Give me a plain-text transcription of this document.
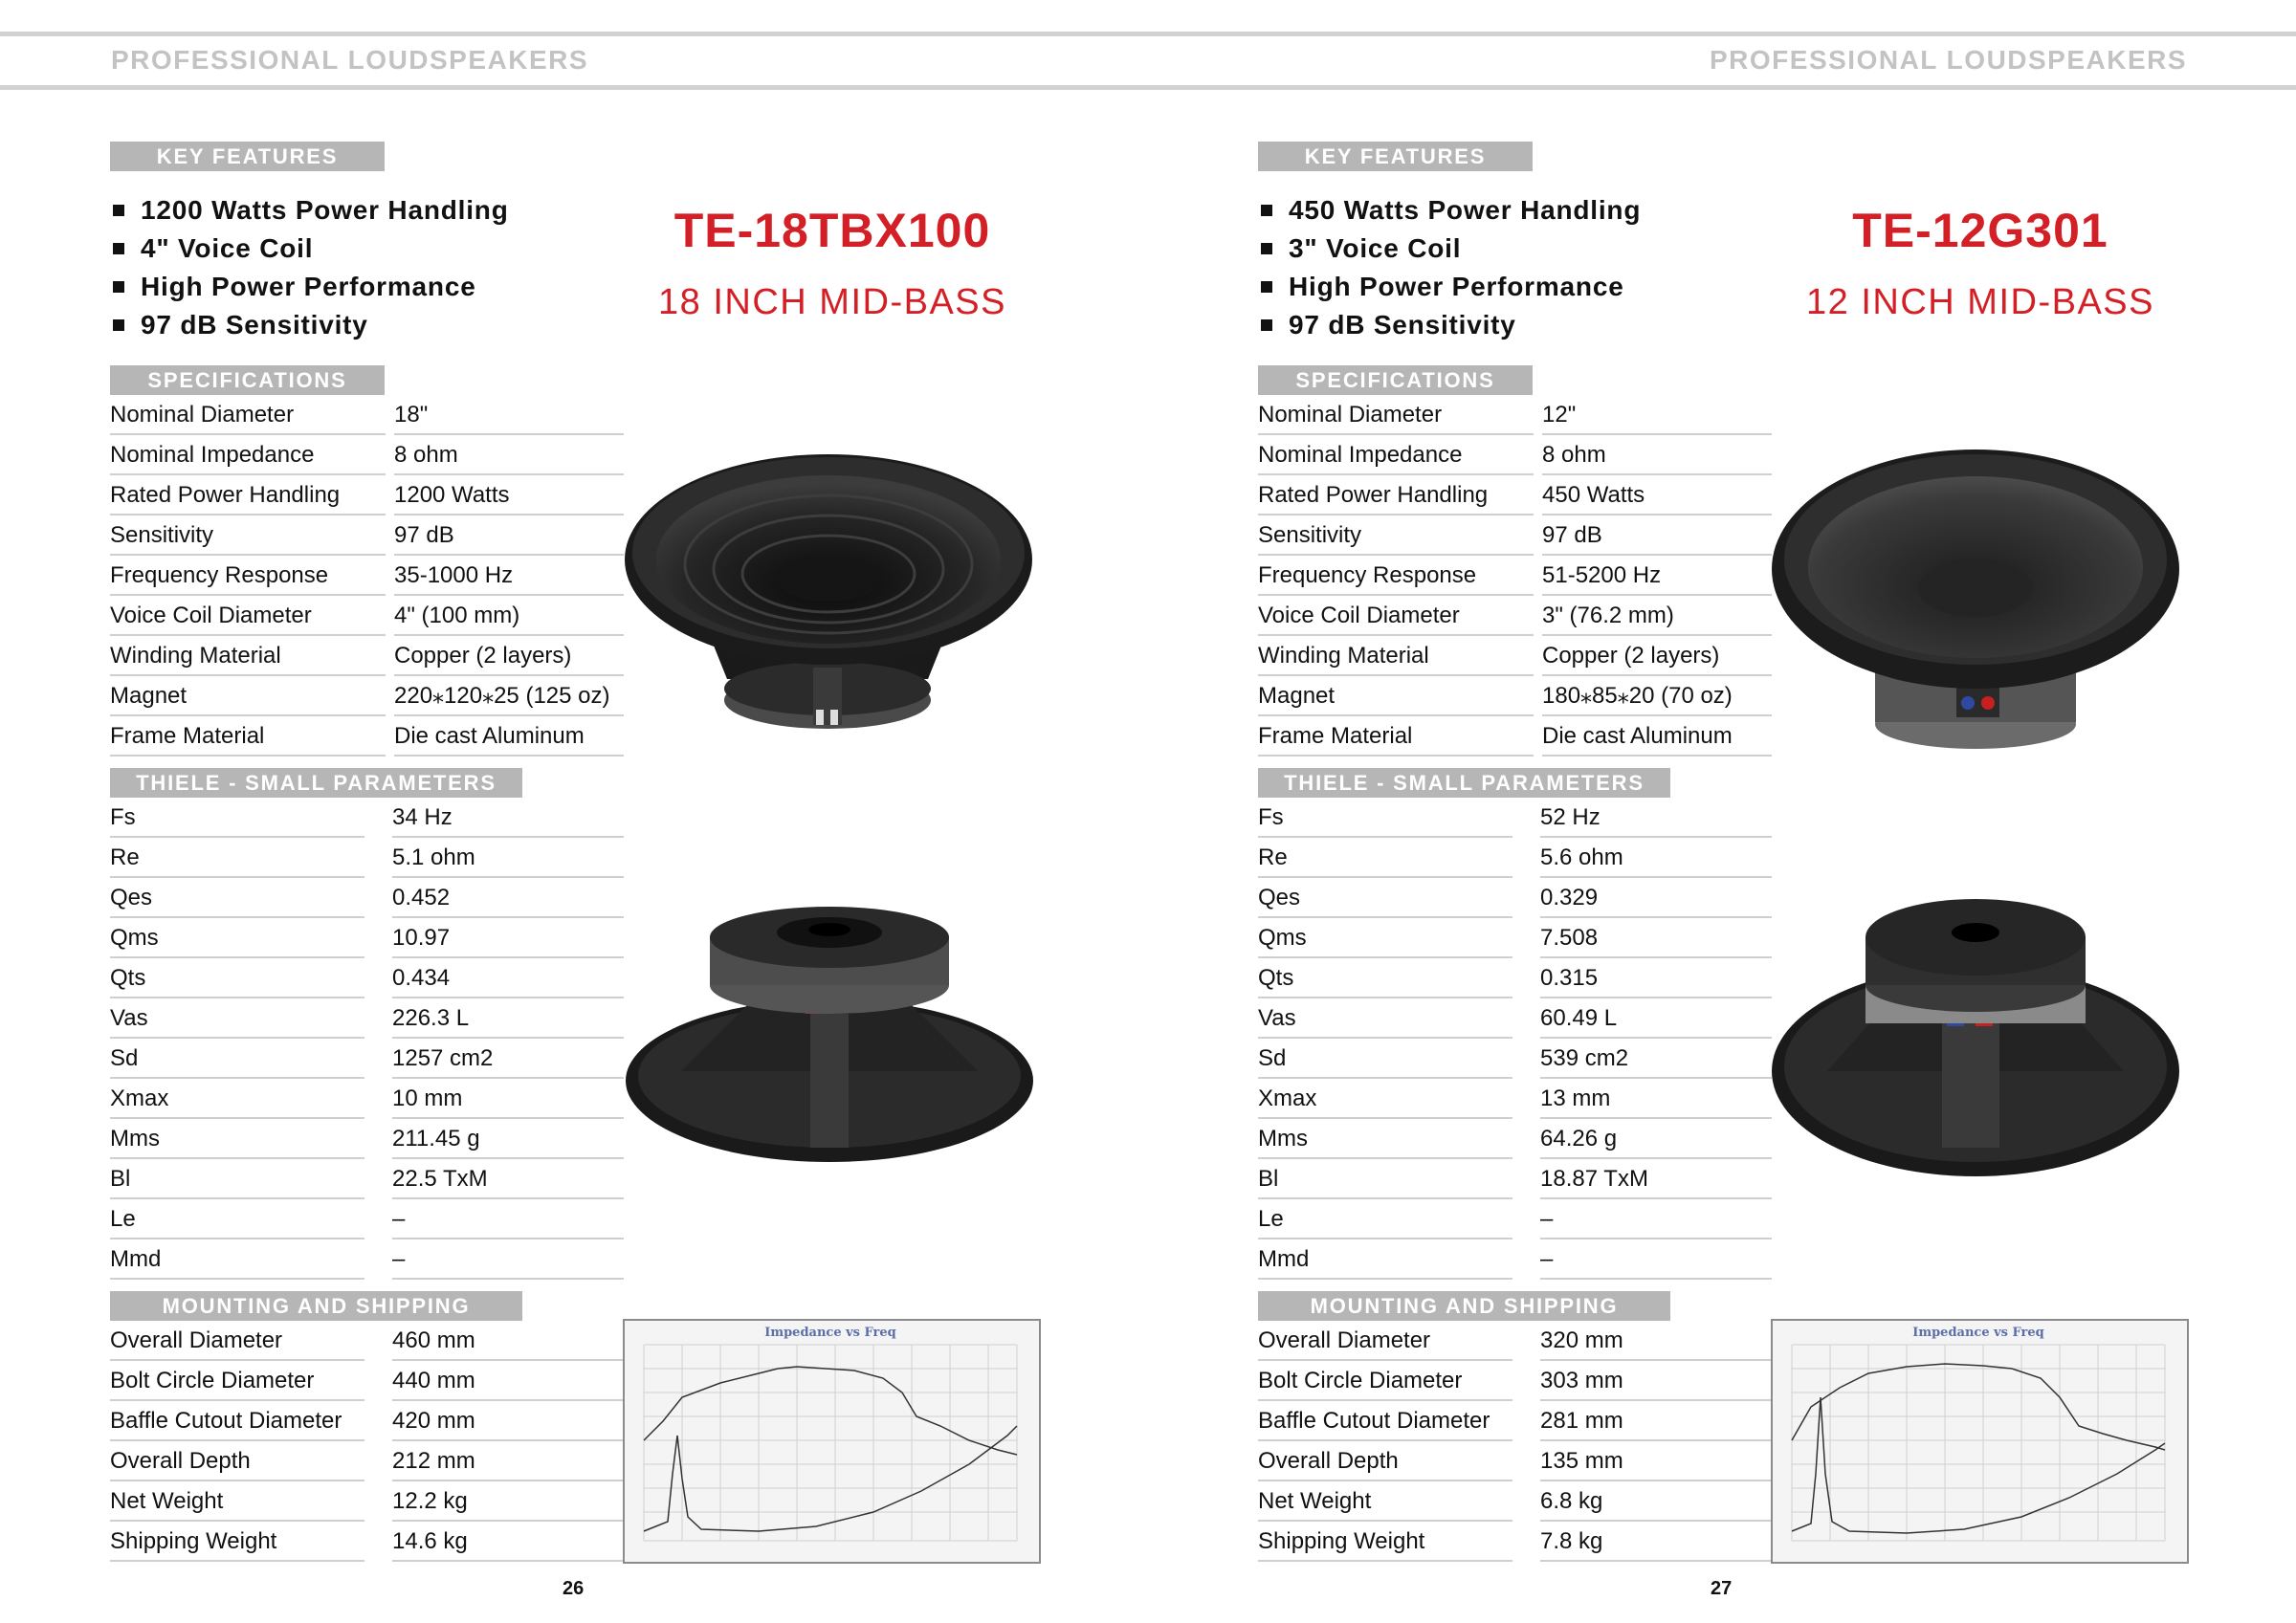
PROFESSIONAL LOUDSPEAKERS	PROFESSIONAL LOUDSPEAKERS
KEY FEATURES
1200 Watts Power Handling
4" Voice Coil
High Power Performance
97 dB Sensitivity
TE-18TBX100
18 INCH MID-BASS
SPECIFICATIONS
Nominal Diameter	18"
Nominal Impedance	8 ohm
Rated Power Handling	1200 Watts
Sensitivity	97 dB
Frequency Response	35-1000 Hz
Voice Coil Diameter	4" (100 mm)
Winding Material	Copper (2 layers)
Magnet	220⁎120⁎25 (125 oz)
Frame Material	Die cast Aluminum
THIELE - SMALL PARAMETERS
Fs	34 Hz
Re	5.1 ohm
Qes	0.452
Qms	10.97
Qts	0.434
Vas	226.3 L
Sd	1257 cm2
Xmax	10 mm
Mms	211.45 g
Bl	22.5 TxM
Le	–
Mmd	–
MOUNTING AND SHIPPING
Overall Diameter	460 mm
Bolt Circle Diameter	440 mm
Baffle Cutout Diameter	420 mm
Overall Depth	212 mm
Net Weight	12.2 kg
Shipping Weight	14.6 kg
Impedance vs Freq
26
KEY FEATURES
450 Watts Power Handling
3" Voice Coil
High Power Performance
97 dB Sensitivity
TE-12G301
12 INCH MID-BASS
SPECIFICATIONS
Nominal Diameter	12"
Nominal Impedance	8 ohm
Rated Power Handling	450 Watts
Sensitivity	97 dB
Frequency Response	51-5200 Hz
Voice Coil Diameter	3" (76.2 mm)
Winding Material	Copper (2 layers)
Magnet	180⁎85⁎20 (70 oz)
Frame Material	Die cast Aluminum
THIELE - SMALL PARAMETERS
Fs	52 Hz
Re	5.6 ohm
Qes	0.329
Qms	7.508
Qts	0.315
Vas	60.49 L
Sd	539 cm2
Xmax	13 mm
Mms	64.26 g
Bl	18.87 TxM
Le	–
Mmd	–
MOUNTING AND SHIPPING
Overall Diameter	320 mm
Bolt Circle Diameter	303 mm
Baffle Cutout Diameter	281 mm
Overall Depth	135 mm
Net Weight	6.8 kg
Shipping Weight	7.8 kg
Impedance vs Freq
27
